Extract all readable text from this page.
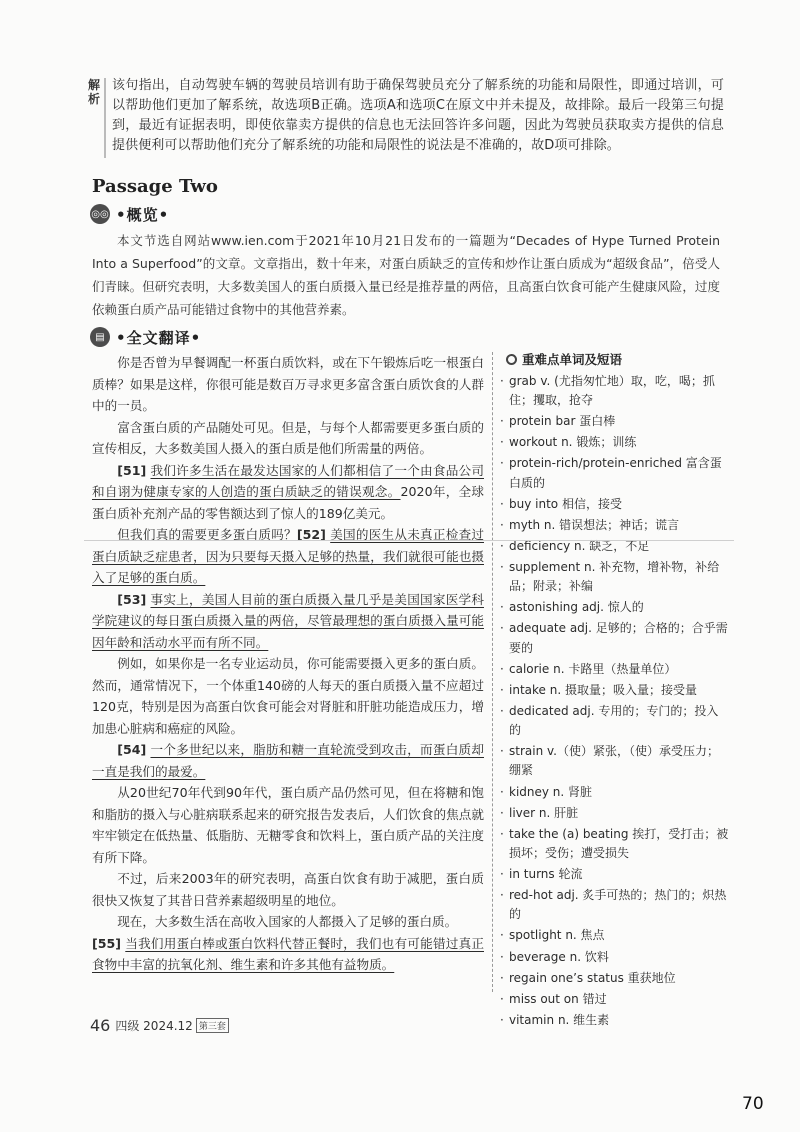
解析
该句指出，自动驾驶车辆的驾驶员培训有助于确保驾驶员充分了解系统的功能和局限性，即通过培训，可以帮助他们更加了解系统，故选项B正确。选项A和选项C在原文中并未提及，故排除。最后一段第三句提到，最近有证据表明，即使依靠卖方提供的信息也无法回答许多问题，因此为驾驶员获取卖方提供的信息提供便利可以帮助他们充分了解系统的功能和局限性的说法是不准确的，故D项可排除。
Passage Two
◎◎ •概览•
本文节选自网站www.ien.com于2021年10月21日发布的一篇题为“Decades of Hype Turned Protein Into a Superfood”的文章。文章指出，数十年来，对蛋白质缺乏的宣传和炒作让蛋白质成为“超级食品”，倍受人们青睐。但研究表明，大多数美国人的蛋白质摄入量已经是推荐量的两倍，且高蛋白饮食可能产生健康风险，过度依赖蛋白质产品可能错过食物中的其他营养素。
▤ •全文翻译•

你是否曾为早餐调配一杯蛋白质饮料，或在下午锻炼后吃一根蛋白质棒？如果是这样，你很可能是数百万寻求更多富含蛋白质饮食的人群中的一员。

富含蛋白质的产品随处可见。但是，与每个人都需要更多蛋白质的宣传相反，大多数美国人摄入的蛋白质是他们所需量的两倍。

[51] 我们许多生活在最发达国家的人们都相信了一个由食品公司和自诩为健康专家的人创造的蛋白质缺乏的错误观念。2020年，全球蛋白质补充剂产品的零售额达到了惊人的189亿美元。

但我们真的需要更多蛋白质吗？[52] 美国的医生从未真正检查过蛋白质缺乏症患者，因为只要每天摄入足够的热量，我们就很可能也摄入了足够的蛋白质。

[53] 事实上，美国人目前的蛋白质摄入量几乎是美国国家医学科学院建议的每日蛋白质摄入量的两倍，尽管最理想的蛋白质摄入量可能因年龄和活动水平而有所不同。

例如，如果你是一名专业运动员，你可能需要摄入更多的蛋白质。然而，通常情况下，一个体重140磅的人每天的蛋白质摄入量不应超过120克，特别是因为高蛋白饮食可能会对肾脏和肝脏功能造成压力，增加患心脏病和癌症的风险。

[54] 一个多世纪以来，脂肪和糖一直轮流受到攻击，而蛋白质却一直是我们的最爱。

从20世纪70年代到90年代，蛋白质产品仍然可见，但在将糖和饱和脂肪的摄入与心脏病联系起来的研究报告发表后，人们饮食的焦点就牢牢锁定在低热量、低脂肪、无糖零食和饮料上，蛋白质产品的关注度有所下降。

不过，后来2003年的研究表明，高蛋白饮食有助于减肥，蛋白质很快又恢复了其昔日营养素超级明星的地位。

现在，大多数生活在高收入国家的人都摄入了足够的蛋白质。

[55] 当我们用蛋白棒或蛋白饮料代替正餐时，我们也有可能错过真正食物中丰富的抗氧化剂、维生素和许多其他有益物质。

重难点单词及短语
· grab v. (尤指匆忙地）取，吃，喝；抓住；攫取，抢夺
· protein bar 蛋白棒
· workout n. 锻炼；训练
· protein-rich/protein-enriched 富含蛋白质的
· buy into 相信，接受
· myth n. 错误想法；神话；谎言
· deficiency n. 缺乏，不足
· supplement n. 补充物，增补物，补给品；附录；补编
· astonishing adj. 惊人的
· adequate adj. 足够的；合格的；合乎需要的
· calorie n. 卡路里（热量单位）
· intake n. 摄取量；吸入量；接受量
· dedicated adj. 专用的；专门的；投入的
· strain v.（使）紧张，（使）承受压力；绷紧
· kidney n. 肾脏
· liver n. 肝脏
· take the (a) beating 挨打，受打击；被损坏；受伤；遭受损失
· in turns 轮流
· red-hot adj. 炙手可热的；热门的；炽热的
· spotlight n. 焦点
· beverage n. 饮料
· regain one’s status 重获地位
· miss out on 错过
· vitamin n. 维生素
46 四级 2024.12 第三套
70
